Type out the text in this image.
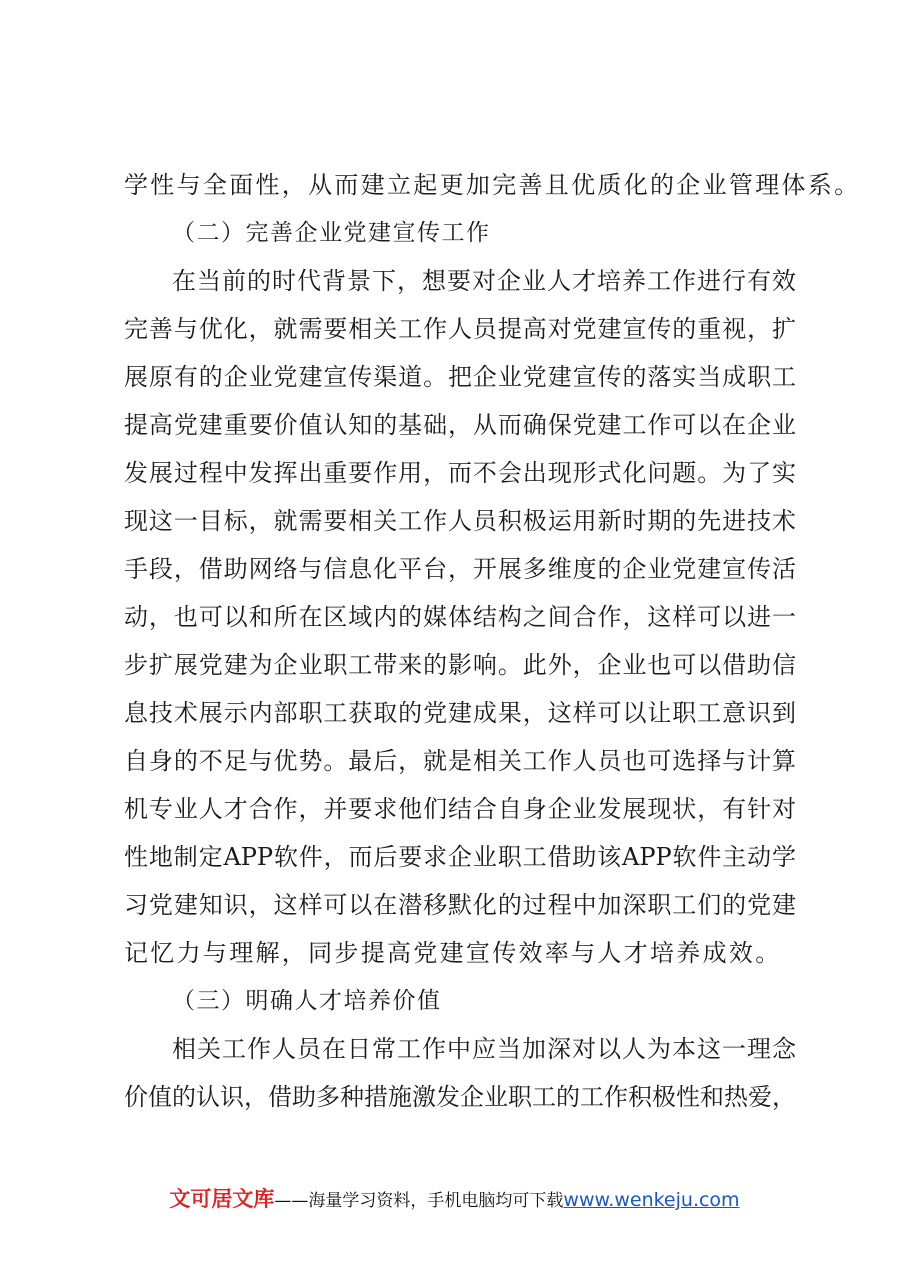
学性与全面性，从而建立起更加完善且优质化的企业管理体系。
（二）完善企业党建宣传工作
在当前的时代背景下，想要对企业人才培养工作进行有效
完善与优化，就需要相关工作人员提高对党建宣传的重视，扩
展原有的企业党建宣传渠道。把企业党建宣传的落实当成职工
提高党建重要价值认知的基础，从而确保党建工作可以在企业
发展过程中发挥出重要作用，而不会出现形式化问题。为了实
现这一目标，就需要相关工作人员积极运用新时期的先进技术
手段，借助网络与信息化平台，开展多维度的企业党建宣传活
动，也可以和所在区域内的媒体结构之间合作，这样可以进一
步扩展党建为企业职工带来的影响。此外，企业也可以借助信
息技术展示内部职工获取的党建成果，这样可以让职工意识到
自身的不足与优势。最后，就是相关工作人员也可选择与计算
机专业人才合作，并要求他们结合自身企业发展现状，有针对
性地制定APP软件，而后要求企业职工借助该APP软件主动学
习党建知识，这样可以在潜移默化的过程中加深职工们的党建
记忆力与理解，同步提高党建宣传效率与人才培养成效。
（三）明确人才培养价值
相关工作人员在日常工作中应当加深对以人为本这一理念
价值的认识，借助多种措施激发企业职工的工作积极性和热爱，
文可居文库——海量学习资料，手机电脑均可下载www.wenkeju.com
